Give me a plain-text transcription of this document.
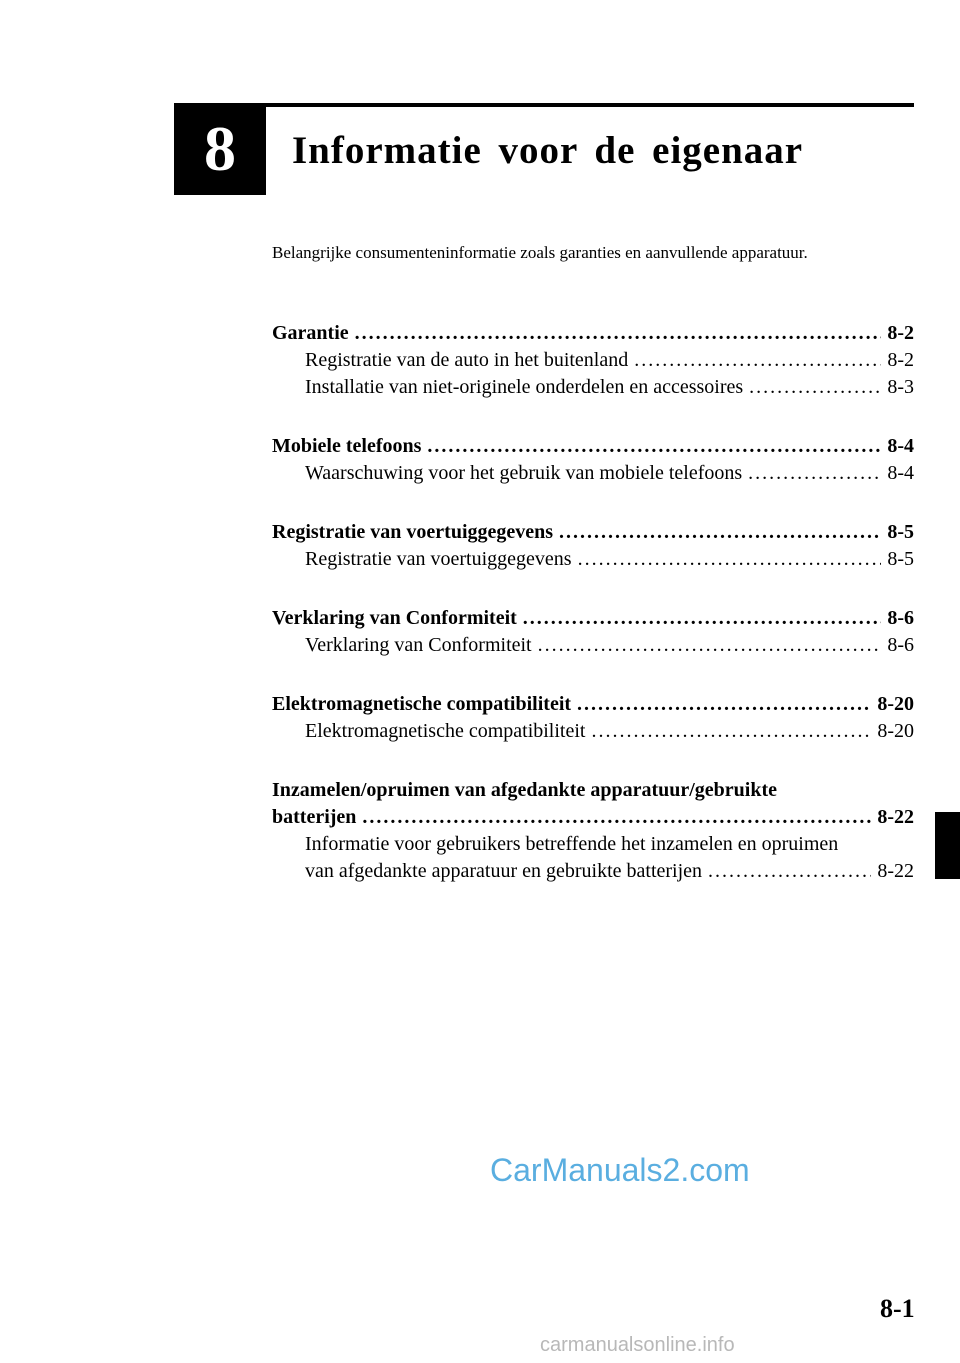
8 Informatie voor de eigenaar
Belangrijke consumenteninformatie zoals garanties en aanvullende apparatuur.
Garantie . . .	8-2
Registratie van de auto in het buitenland . . .	8-2
Installatie van niet-originele onderdelen en accessoires . . .	8-3
Mobiele telefoons . . .	8-4
Waarschuwing voor het gebruik van mobiele telefoons . . .	8-4
Registratie van voertuiggegevens . . .	8-5
Registratie van voertuiggegevens . . .	8-5
Verklaring van Conformiteit . . .	8-6
Verklaring van Conformiteit . . .	8-6
Elektromagnetische compatibiliteit . . .	8-20
Elektromagnetische compatibiliteit . . .	8-20
Inzamelen/opruimen van afgedankte apparatuur/gebruikte
batterijen . . .	8-22
Informatie voor gebruikers betreffende het inzamelen en opruimen
van afgedankte apparatuur en gebruikte batterijen . . .	8-22
CarManuals2.com
8-1
carmanualsonline.info
